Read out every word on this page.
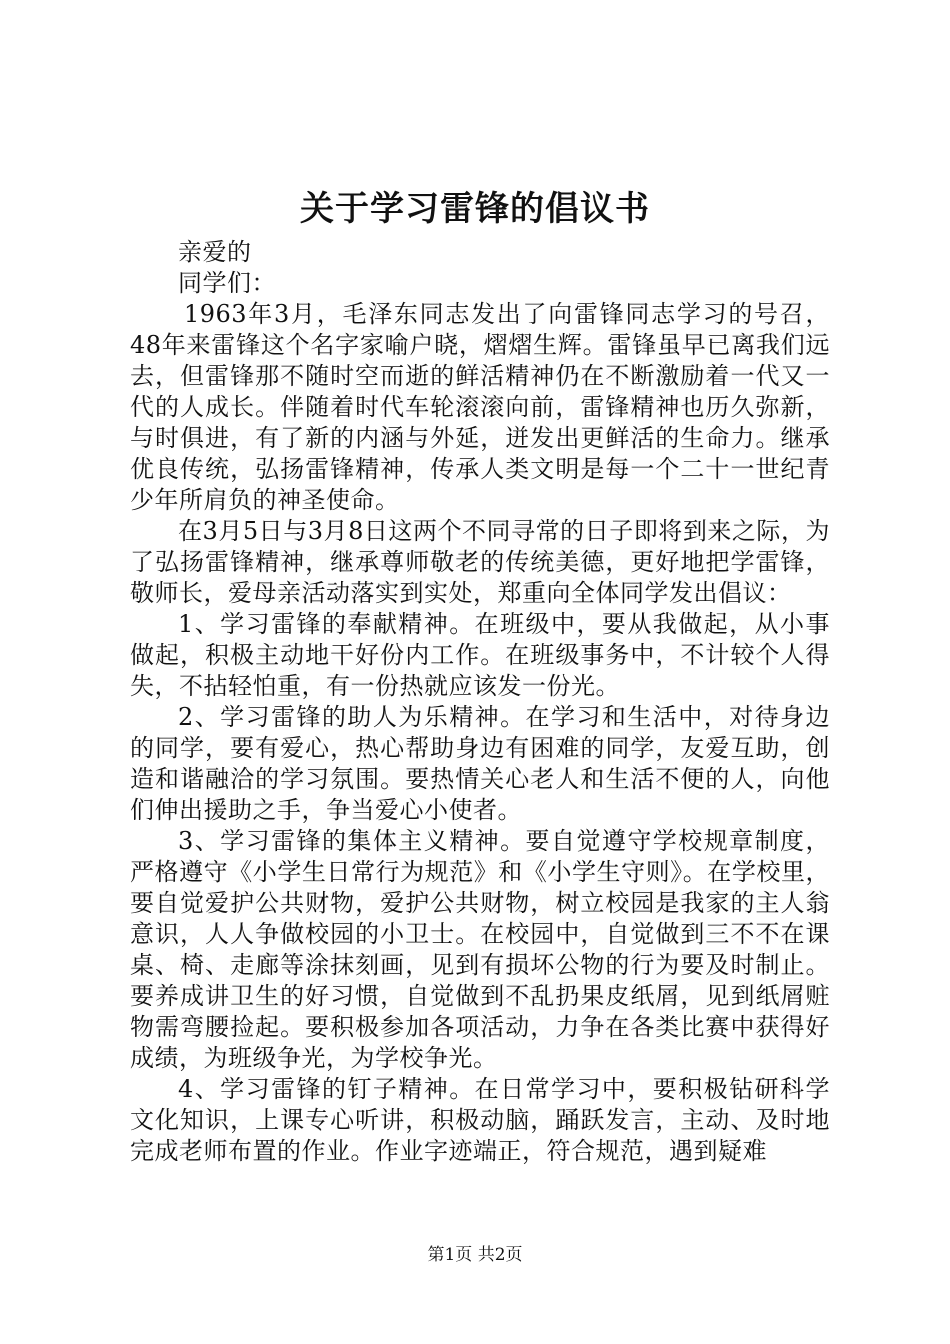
关于学习雷锋的倡议书

亲爱的

同学们：

1963年3月，毛泽东同志发出了向雷锋同志学习的号召，48年来雷锋这个名字家喻户晓，熠熠生辉。雷锋虽早已离我们远去，但雷锋那不随时空而逝的鲜活精神仍在不断激励着一代又一代的人成长。伴随着时代车轮滚滚向前，雷锋精神也历久弥新，与时俱进，有了新的内涵与外延，迸发出更鲜活的生命力。继承优良传统，弘扬雷锋精神，传承人类文明是每一个二十一世纪青少年所肩负的神圣使命。

在3月5日与3月8日这两个不同寻常的日子即将到来之际，为了弘扬雷锋精神，继承尊师敬老的传统美德，更好地把学雷锋，敬师长，爱母亲活动落实到实处，郑重向全体同学发出倡议：

1、学习雷锋的奉献精神。在班级中，要从我做起，从小事做起，积极主动地干好份内工作。在班级事务中，不计较个人得失，不拈轻怕重，有一份热就应该发一份光。

2、学习雷锋的助人为乐精神。在学习和生活中，对待身边的同学，要有爱心，热心帮助身边有困难的同学，友爱互助，创造和谐融洽的学习氛围。要热情关心老人和生活不便的人，向他们伸出援助之手，争当爱心小使者。

3、学习雷锋的集体主义精神。要自觉遵守学校规章制度，严格遵守《小学生日常行为规范》和《小学生守则》。在学校里，要自觉爱护公共财物，爱护公共财物，树立校园是我家的主人翁意识，人人争做校园的小卫士。在校园中，自觉做到三不不在课桌、椅、走廊等涂抹刻画，见到有损坏公物的行为要及时制止。要养成讲卫生的好习惯，自觉做到不乱扔果皮纸屑，见到纸屑赃物需弯腰捡起。要积极参加各项活动，力争在各类比赛中获得好成绩，为班级争光，为学校争光。

4、学习雷锋的钉子精神。在日常学习中，要积极钻研科学文化知识，上课专心听讲，积极动脑，踊跃发言，主动、及时地完成老师布置的作业。作业字迹端正，符合规范，遇到疑难

第1页 共2页
